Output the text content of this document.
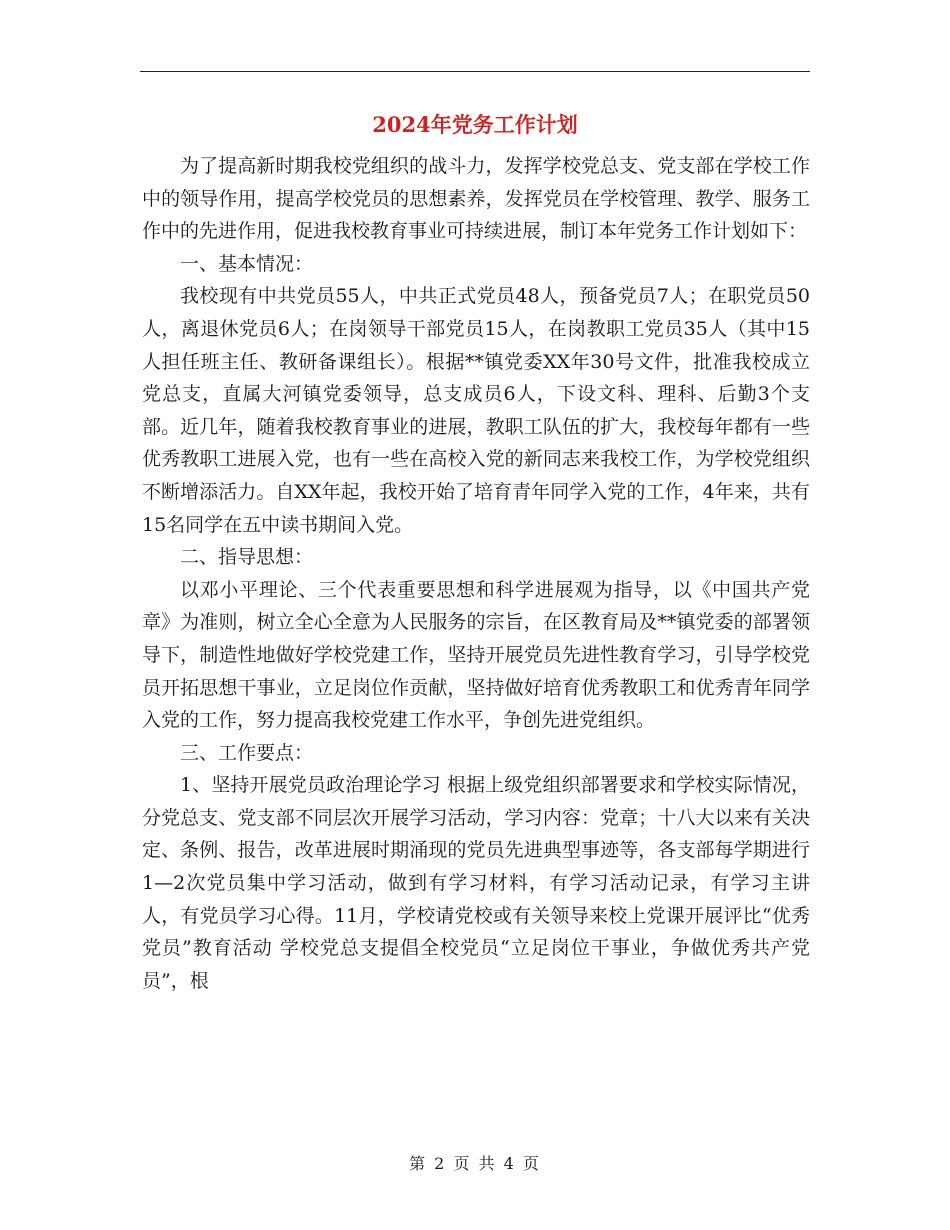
2024年党务工作计划

为了提高新时期我校党组织的战斗力，发挥学校党总支、党支部在学校工作中的领导作用，提高学校党员的思想素养，发挥党员在学校管理、教学、服务工作中的先进作用，促进我校教育事业可持续进展，制订本年党务工作计划如下：

一、基本情况：

我校现有中共党员55人，中共正式党员48人，预备党员7人；在职党员50 人，离退休党员6人；在岗领导干部党员15人，在岗教职工党员35人（其中15人担任班主任、教研备课组长）。根据**镇党委XX年30号文件，批准我校成立党总支，直属大河镇党委领导，总支成员6人，下设文科、理科、后勤3个支部。近几年，随着我校教育事业的进展，教职工队伍的扩大，我校每年都有一些优秀教职工进展入党，也有一些在高校入党的新同志来我校工作，为学校党组织不断增添活力。自XX年起，我校开始了培育青年同学入党的工作，4年来，共有15名同学在五中读书期间入党。

二、指导思想：

以邓小平理论、三个代表重要思想和科学进展观为指导，以《中国共产党章》为准则，树立全心全意为人民服务的宗旨，在区教育局及**镇党委的部署领导下，制造性地做好学校党建工作，坚持开展党员先进性教育学习，引导学校党员开拓思想干事业，立足岗位作贡献，坚持做好培育优秀教职工和优秀青年同学入党的工作，努力提高我校党建工作水平，争创先进党组织。

三、工作要点：

1、坚持开展党员政治理论学习 根据上级党组织部署要求和学校实际情况，分党总支、党支部不同层次开展学习活动，学习内容：党章；十八大以来有关决定、条例、报告，改革进展时期涌现的党员先进典型事迹等，各支部每学期进行1—2次党员集中学习活动，做到有学习材料，有学习活动记录，有学习主讲人，有党员学习心得。11月，学校请党校或有关领导来校上党课开展评比“优秀党员”教育活动 学校党总支提倡全校党员“立足岗位干事业，争做优秀共产党员”，根

第 2 页 共 4 页
